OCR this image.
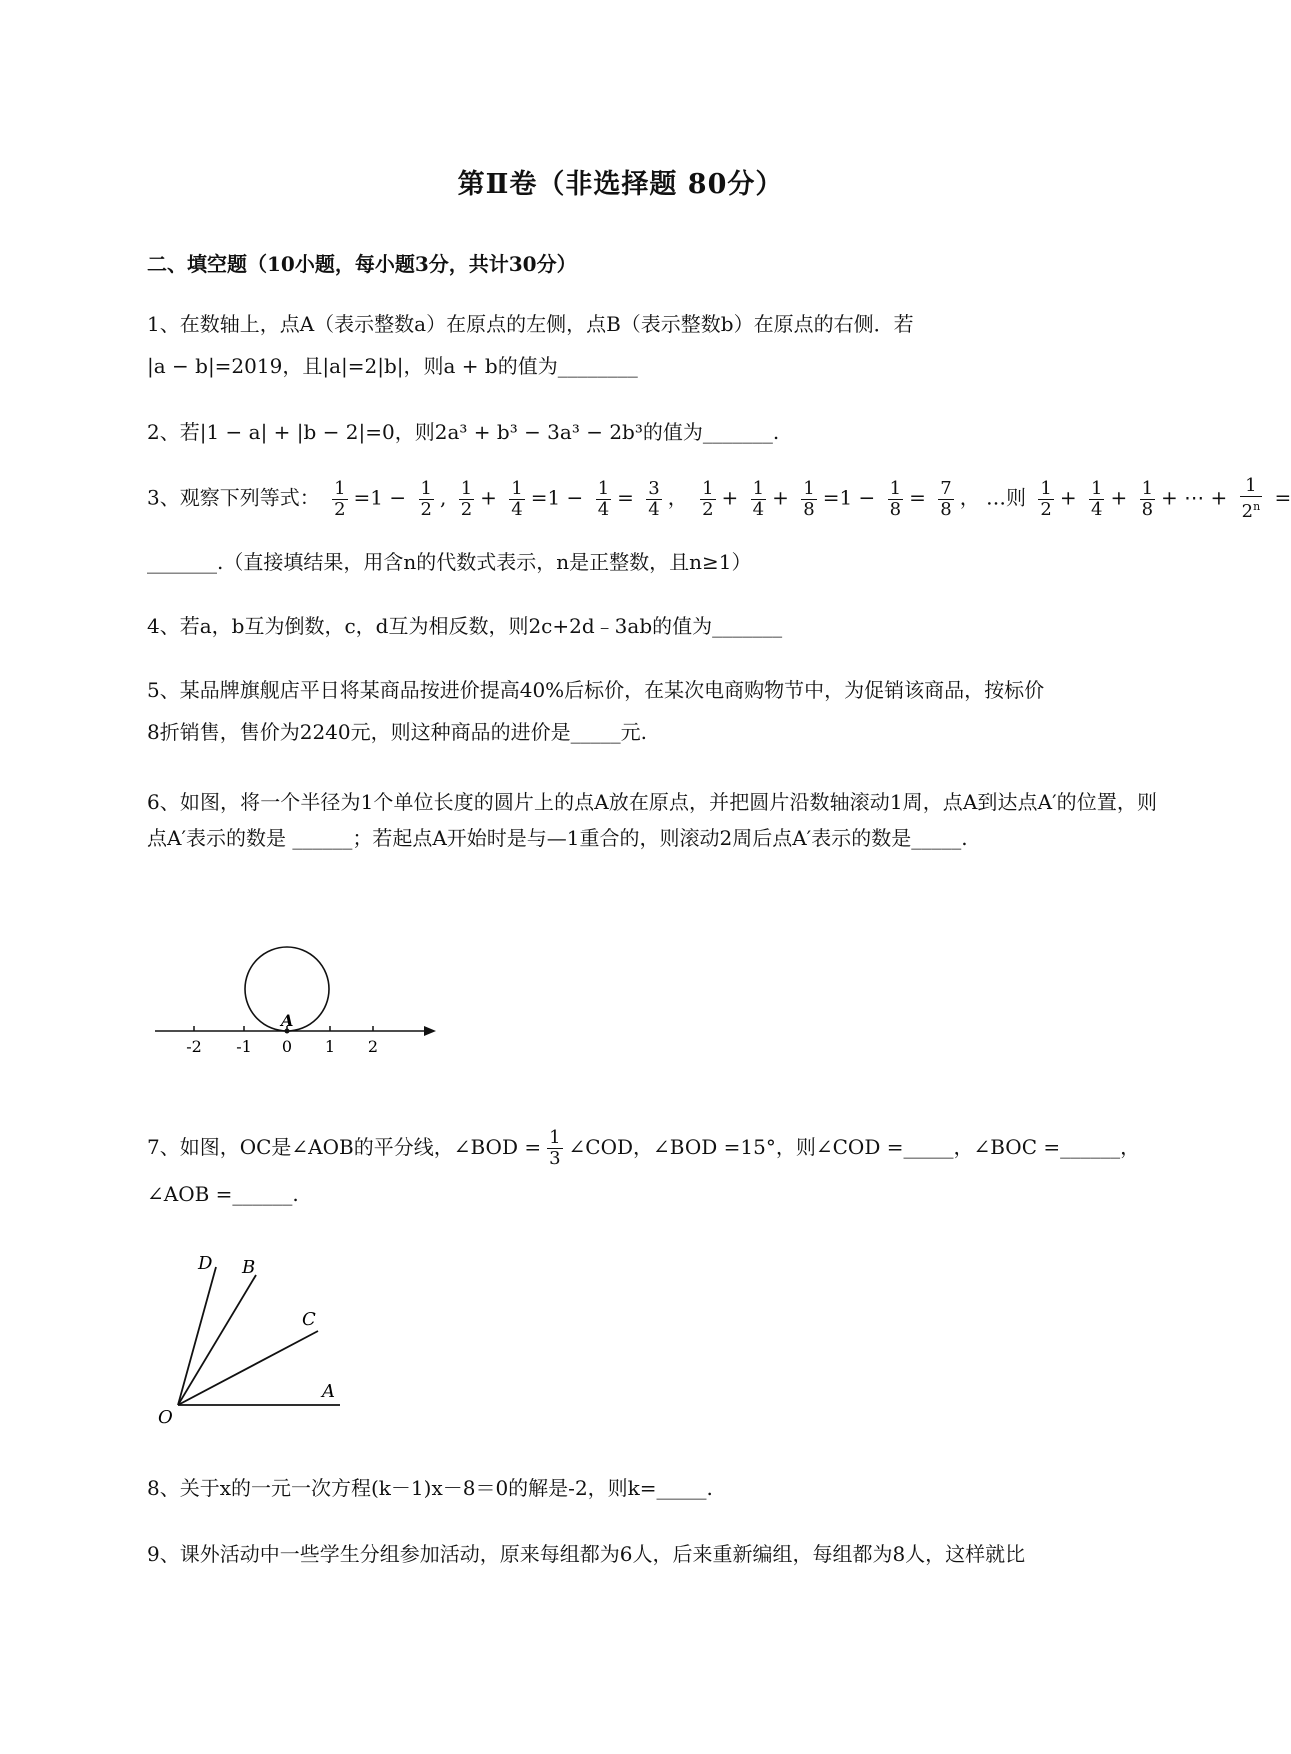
第Ⅱ卷（非选择题 80分）
二、填空题（10小题，每小题3分，共计30分）
1、在数轴上，点A（表示整数a）在原点的左侧，点B（表示整数b）在原点的右侧．若
|a − b|=2019，且|a|=2|b|，则a + b的值为________
2、若|1 − a| + |b − 2|=0，则2a³ + b³ − 3a³ − 2b³的值为_______.
3、观察下列等式： $\frac{1}{2} =1 - \frac{1}{2}$ , $\frac{1}{2} + \frac{1}{4} =1 - \frac{1}{4} = \frac{3}{4}$ ， $\frac{1}{2} + \frac{1}{4} + \frac{1}{8} =1 - \frac{1}{8} = \frac{7}{8}$ ， …则 $\frac{1}{2} + \frac{1}{4} + \frac{1}{8}$ + ⋯ + $\frac{1}{2^n}$ =
_______.（直接填结果，用含n的代数式表示，n是正整数，且n≥1）
4、若a，b互为倒数，c，d互为相反数，则2c+2d﹣3ab的值为_______
5、某品牌旗舰店平日将某商品按进价提高40%后标价，在某次电商购物节中，为促销该商品，按标价
8折销售，售价为2240元，则这种商品的进价是_____元.
6、如图，将一个半径为1个单位长度的圆片上的点A放在原点，并把圆片沿数轴滚动1周，点A到达点A′的位置，则点A′表示的数是 ______；若起点A开始时是与—1重合的，则滚动2周后点A′表示的数是_____.
A
-2 -1 0 1 2
7、如图，OC是∠AOB的平分线，∠BOD = $\frac{1}{3}$ ∠COD，∠BOD =15°，则∠COD =_____，∠BOC =______，
∠AOB =______.
D B
C
A
O
8、关于x的一元一次方程(k－1)x－8＝0的解是-2，则k=_____.
9、课外活动中一些学生分组参加活动，原来每组都为6人，后来重新编组，每组都为8人，这样就比
